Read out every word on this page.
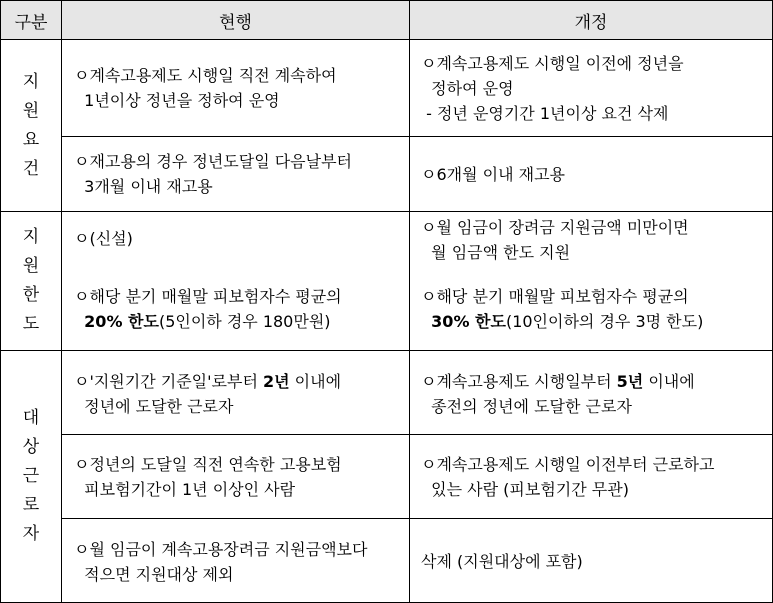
구분	현행	개정
지
원
요
건
지
원
한
도
대
상
근
로
자
ㅇ계속고용제도 시행일 직전 계속하여
1년이상 정년을 정하여 운영
ㅇ계속고용제도 시행일 이전에 정년을
정하여 운영
- 정년 운영기간 1년이상 요건 삭제
ㅇ재고용의 경우 정년도달일 다음날부터
3개월 이내 재고용
ㅇ6개월 이내 재고용
ㅇ(신설)
ㅇ월 임금이 장려금 지원금액 미만이면
월 임금액 한도 지원
ㅇ해당 분기 매월말 피보험자수 평균의
20% 한도(5인이하 경우 180만원)
ㅇ해당 분기 매월말 피보험자수 평균의
30% 한도(10인이하의 경우 3명 한도)
ㅇ'지원기간 기준일'로부터 2년 이내에
정년에 도달한 근로자
ㅇ계속고용제도 시행일부터 5년 이내에
종전의 정년에 도달한 근로자
ㅇ정년의 도달일 직전 연속한 고용보험
피보험기간이 1년 이상인 사람
ㅇ계속고용제도 시행일 이전부터 근로하고
있는 사람 (피보험기간 무관)
ㅇ월 임금이 계속고용장려금 지원금액보다
적으면 지원대상 제외
삭제 (지원대상에 포함)
